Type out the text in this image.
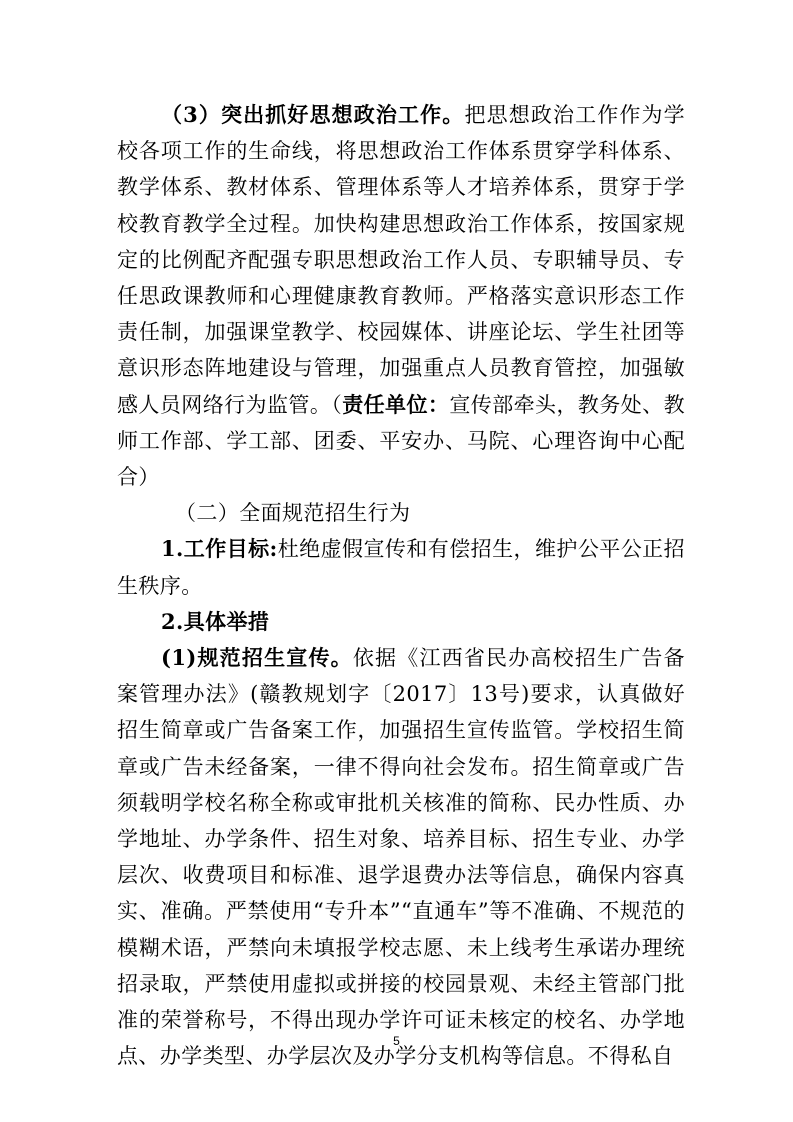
（3）突出抓好思想政治工作。把思想政治工作作为学校各项工作的生命线，将思想政治工作体系贯穿学科体系、教学体系、教材体系、管理体系等人才培养体系，贯穿于学校教育教学全过程。加快构建思想政治工作体系，按国家规定的比例配齐配强专职思想政治工作人员、专职辅导员、专任思政课教师和心理健康教育教师。严格落实意识形态工作责任制，加强课堂教学、校园媒体、讲座论坛、学生社团等意识形态阵地建设与管理，加强重点人员教育管控，加强敏感人员网络行为监管。（责任单位：宣传部牵头，教务处、教师工作部、学工部、团委、平安办、马院、心理咨询中心配合）

（二）全面规范招生行为

1.工作目标:杜绝虚假宣传和有偿招生，维护公平公正招生秩序。

2.具体举措

(1)规范招生宣传。依据《江西省民办高校招生广告备案管理办法》(赣教规划字〔2017〕13号)要求，认真做好招生简章或广告备案工作，加强招生宣传监管。学校招生简章或广告未经备案，一律不得向社会发布。招生简章或广告须载明学校名称全称或审批机关核准的简称、民办性质、办学地址、办学条件、招生对象、培养目标、招生专业、办学层次、收费项目和标准、退学退费办法等信息，确保内容真实、准确。严禁使用“专升本”“直通车”等不准确、不规范的模糊术语，严禁向未填报学校志愿、未上线考生承诺办理统招录取，严禁使用虚拟或拼接的校园景观、未经主管部门批准的荣誉称号，不得出现办学许可证未核定的校名、办学地点、办学类型、办学层次及办学分支机构等信息。不得私自

5
